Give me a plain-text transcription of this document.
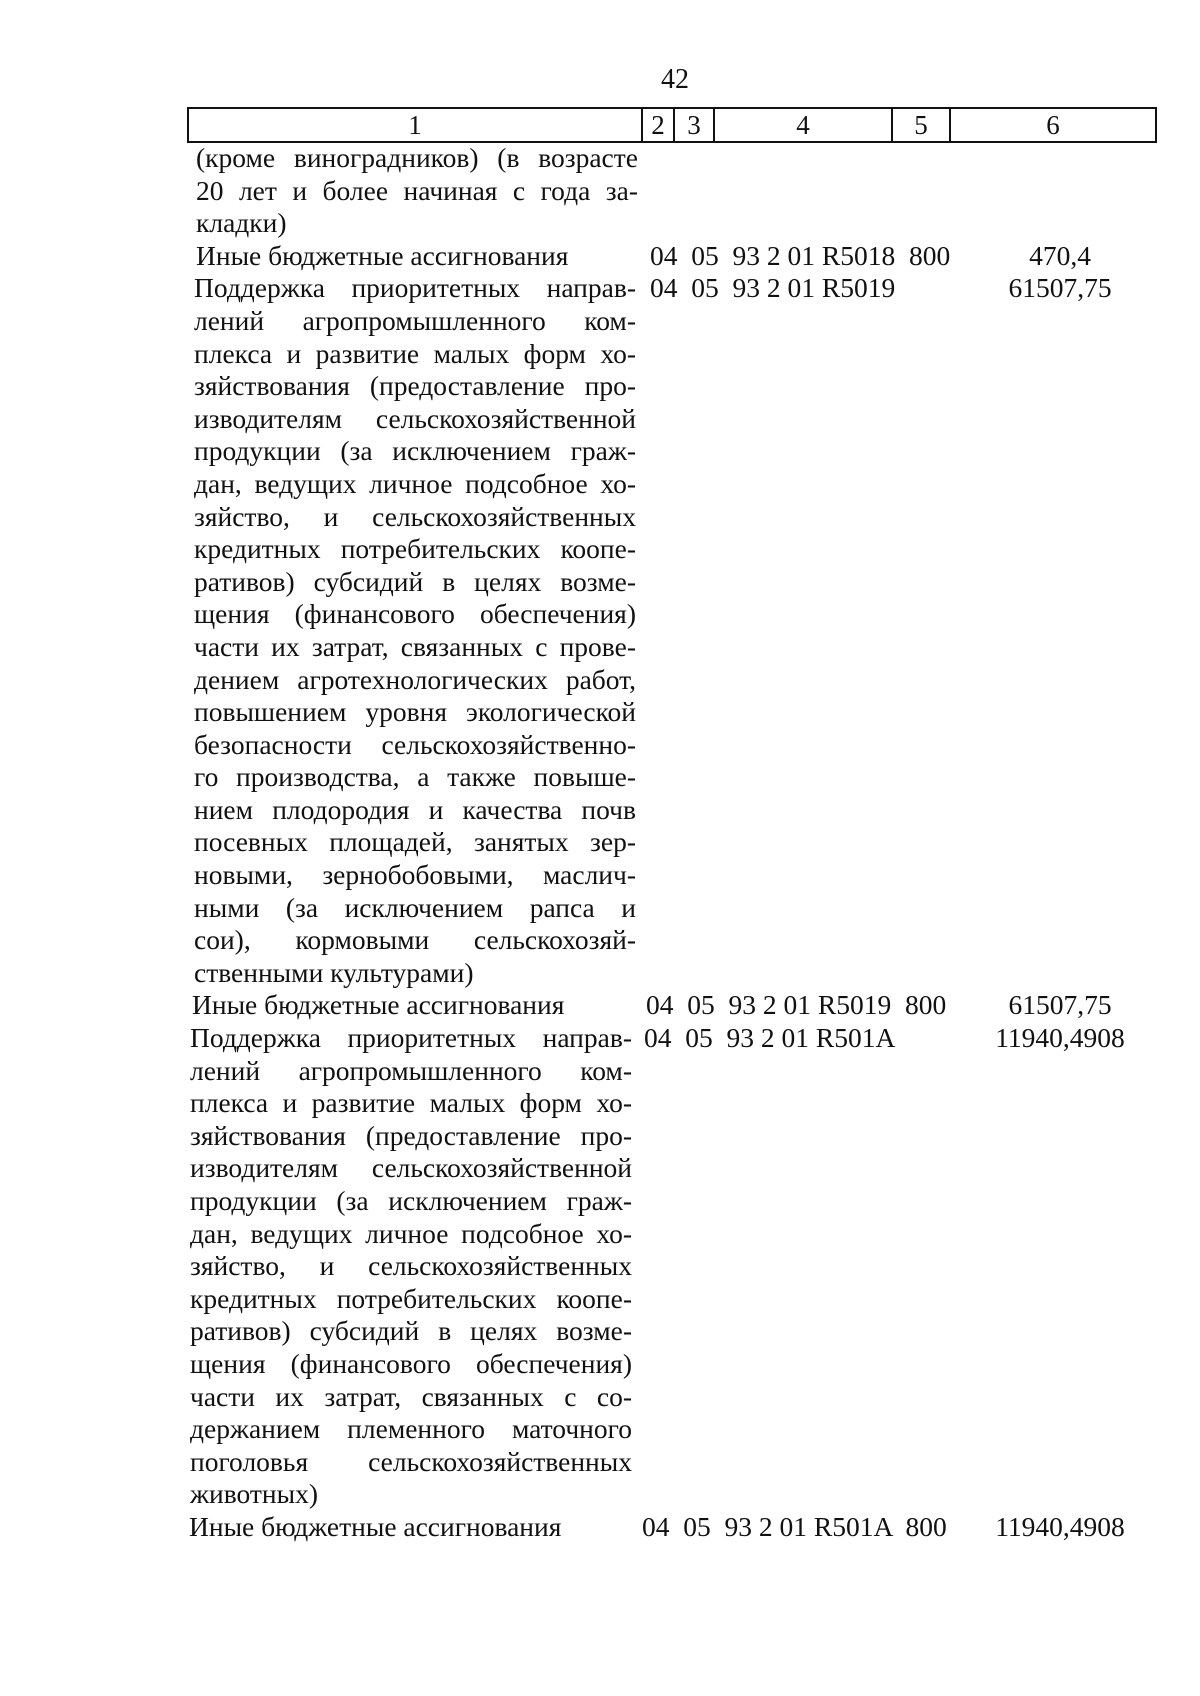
42
1	2	3	4	5	6
(кроме виноградников) (в возрасте
20 лет и более начиная с года за-
кладки)
Иные бюджетные ассигнования	04  05  93 2 01 R5018  800	470,4
Поддержка приоритетных направ-
лений агропромышленного ком-
плекса и развитие малых форм хо-
зяйствования (предоставление про-
изводителям сельскохозяйственной
продукции (за исключением граж-
дан, ведущих личное подсобное хо-
зяйство, и сельскохозяйственных
кредитных потребительских коопе-
ративов) субсидий в целях возме-
щения (финансового обеспечения)
части их затрат, связанных с прове-
дением агротехнологических работ,
повышением уровня экологической
безопасности сельскохозяйственно-
го производства, а также повыше-
нием плодородия и качества почв
посевных площадей, занятых зер-
новыми, зернобобовыми, маслич-
ными (за исключением рапса и
сои), кормовыми сельскохозяй-
ственными культурами)
04  05  93 2 01 R5019	61507,75
Иные бюджетные ассигнования	04  05  93 2 01 R5019  800	61507,75
Поддержка приоритетных направ-
лений агропромышленного ком-
плекса и развитие малых форм хо-
зяйствования (предоставление про-
изводителям сельскохозяйственной
продукции (за исключением граж-
дан, ведущих личное подсобное хо-
зяйство, и сельскохозяйственных
кредитных потребительских коопе-
ративов) субсидий в целях возме-
щения (финансового обеспечения)
части их затрат, связанных с со-
держанием племенного маточного
поголовья сельскохозяйственных
животных)
04  05  93 2 01 R501A	11940,4908
Иные бюджетные ассигнования	04  05  93 2 01 R501A  800	11940,4908
